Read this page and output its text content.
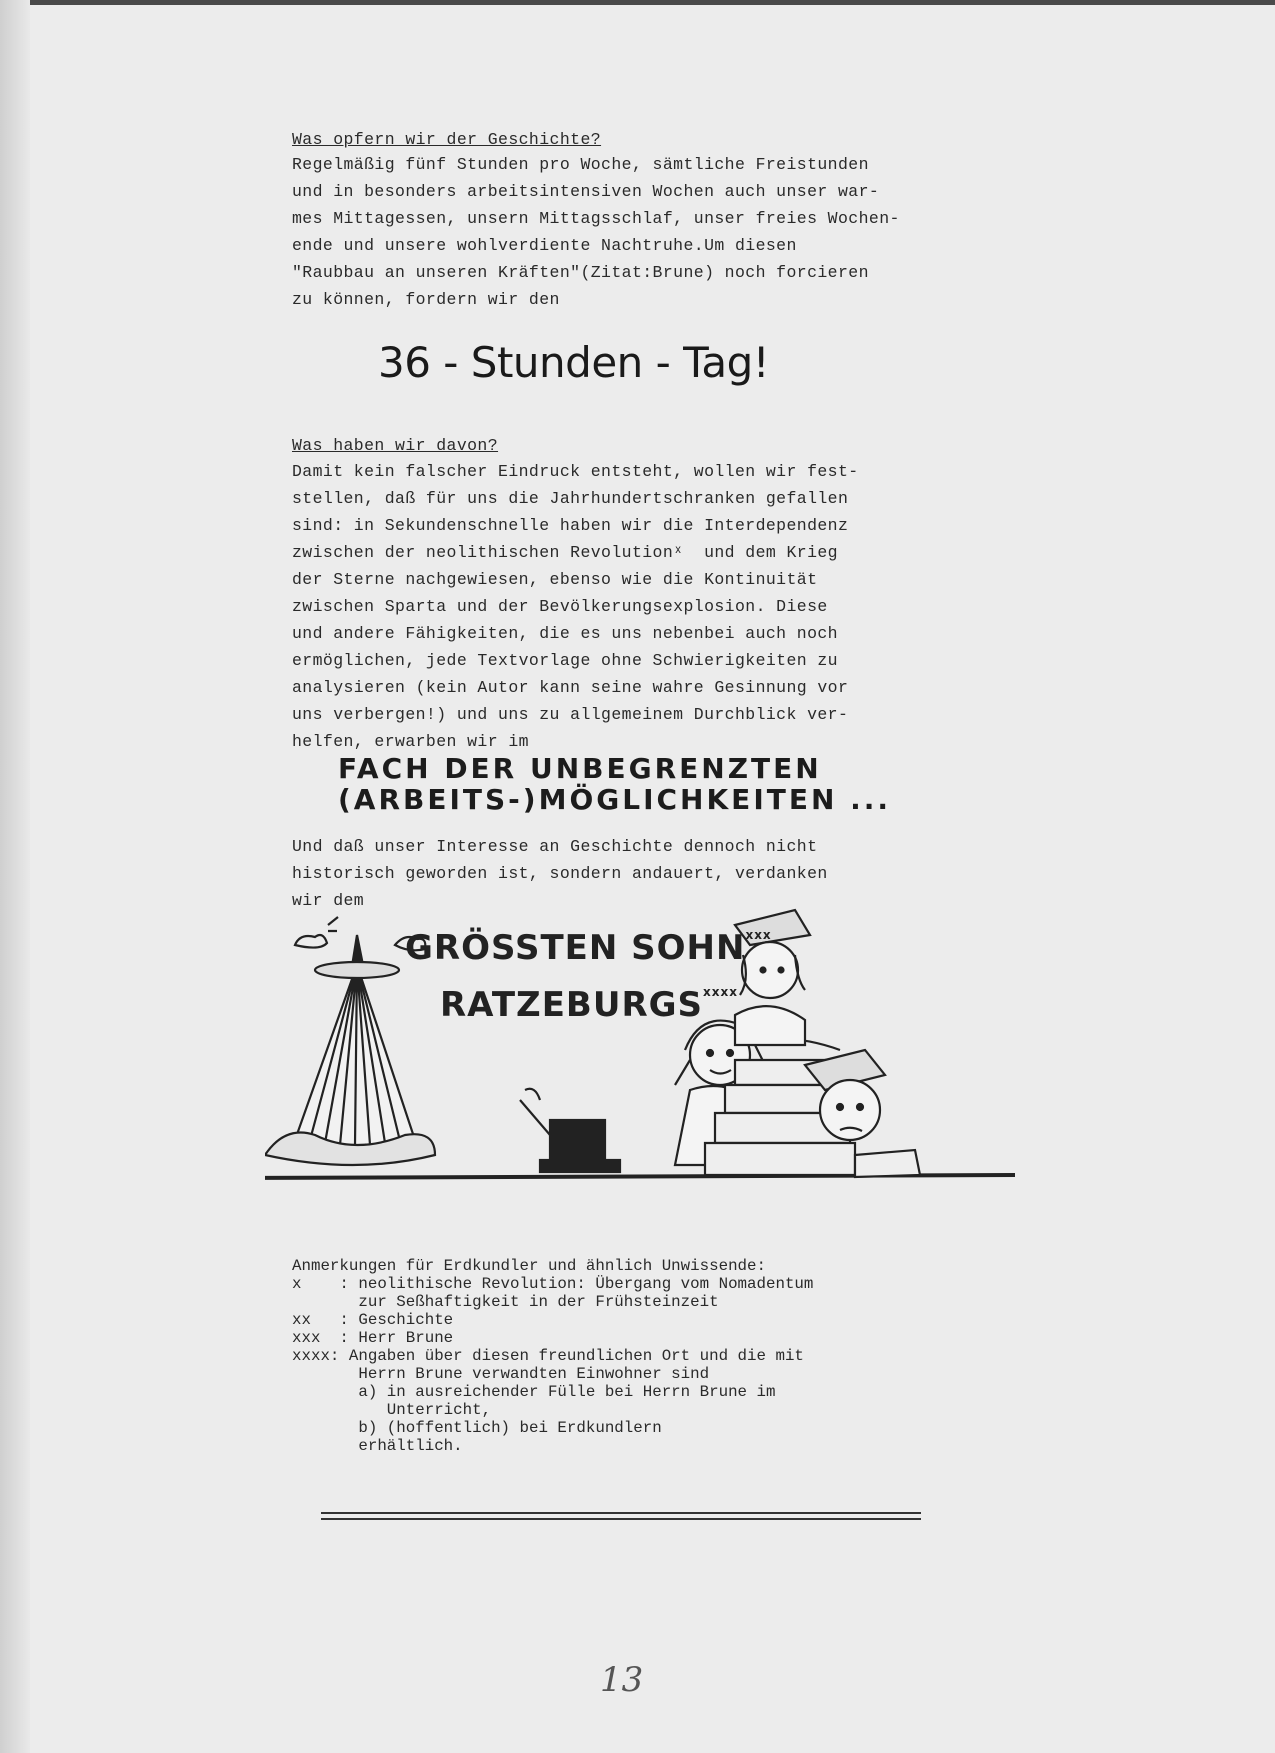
Was opfern wir der Geschichte?
Regelmäßig fünf Stunden pro Woche, sämtliche Freistunden
und in besonders arbeitsintensiven Wochen auch unser war-
mes Mittagessen, unsern Mittagsschlaf, unser freies Wochen-
ende und unsere wohlverdiente Nachtruhe.Um diesen
"Raubbau an unseren Kräften"(Zitat:Brune) noch forcieren
zu können, fordern wir den
36 - Stunden - Tag!
Was haben wir davon?
Damit kein falscher Eindruck entsteht, wollen wir fest-
stellen, daß für uns die Jahrhundertschranken gefallen
sind: in Sekundenschnelle haben wir die Interdependenz
zwischen der neolithischen Revolutionˣ  und dem Krieg
der Sterne nachgewiesen, ebenso wie die Kontinuität
zwischen Sparta und der Bevölkerungsexplosion. Diese
und andere Fähigkeiten, die es uns nebenbei auch noch
ermöglichen, jede Textvorlage ohne Schwierigkeiten zu
analysieren (kein Autor kann seine wahre Gesinnung vor
uns verbergen!) und uns zu allgemeinem Durchblick ver-
helfen, erwarben wir im
FACH DER UNBEGRENZTEN
(ARBEITS-)MÖGLICHKEITEN ...
Und daß unser Interesse an Geschichte dennoch nicht
historisch geworden ist, sondern andauert, verdanken
wir dem
GRÖSSTEN SOHN$^{xxx}$
RATZEBURGS$^{xxxx}$
Anmerkungen für Erdkundler und ähnlich Unwissende:
x    : neolithische Revolution: Übergang vom Nomadentum
zur Seßhaftigkeit in der Frühsteinzeit
xx   : Geschichte
xxx  : Herr Brune
xxxx: Angaben über diesen freundlichen Ort und die mit
Herrn Brune verwandten Einwohner sind
a) in ausreichender Fülle bei Herrn Brune im
Unterricht,
b) (hoffentlich) bei Erdkundlern
erhältlich.
13
